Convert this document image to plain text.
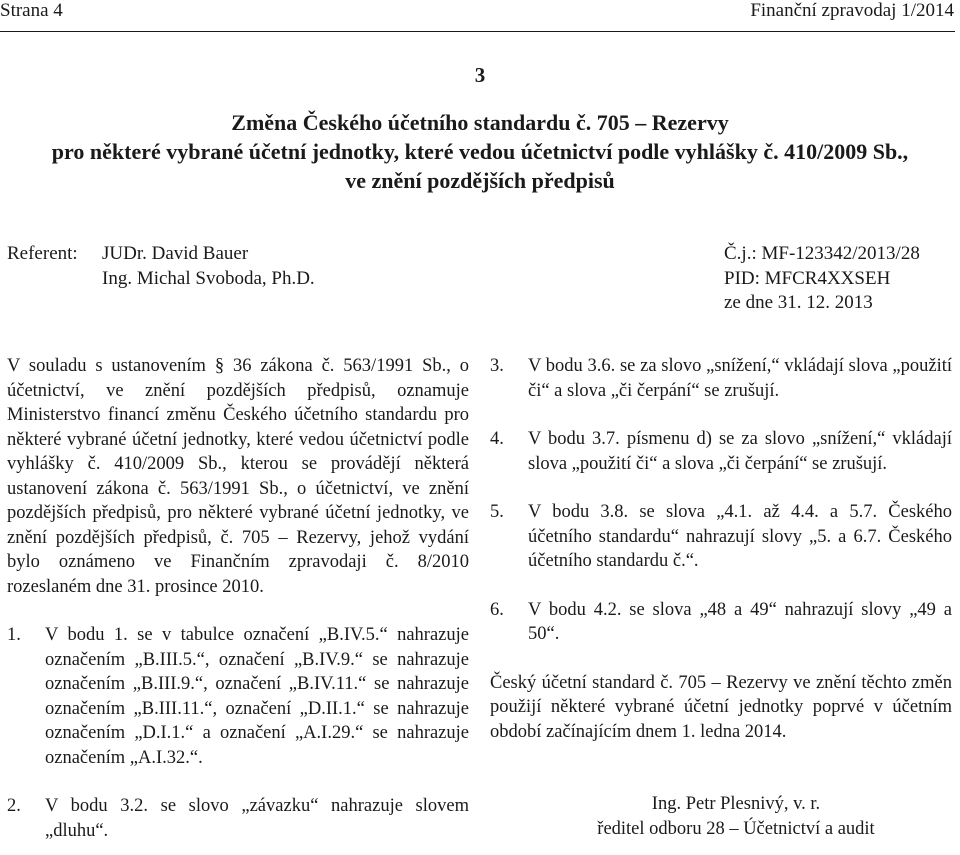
Strana 4	Finanční zpravodaj 1/2014
3
Změna Českého účetního standardu č. 705 – Rezervy
pro některé vybrané účetní jednotky, které vedou účetnictví podle vyhlášky č. 410/2009 Sb.,
ve znění pozdějších předpisů
Referent: JUDr. David Bauer
Ing. Michal Svoboda, Ph.D.
Č.j.: MF-123342/2013/28
PID: MFCR4XXSEH
ze dne 31. 12. 2013
V souladu s ustanovením § 36 zákona č. 563/1991 Sb., o účetnictví, ve znění pozdějších předpisů, oznamuje Ministerstvo financí změnu Českého účetního standardu pro některé vybrané účetní jednotky, které vedou účetnictví podle vyhlášky č. 410/2009 Sb., kterou se provádějí některá ustanovení zákona č. 563/1991 Sb., o účetnictví, ve znění pozdějších předpisů, pro některé vybrané účetní jednotky, ve znění pozdějších předpisů, č. 705 – Rezervy, jehož vydání bylo oznámeno ve Finančním zpravodaji č. 8/2010 rozeslaném dne 31. prosince 2010.
1. V bodu 1. se v tabulce označení „B.IV.5.“ nahrazuje označením „B.III.5.“, označení „B.IV.9.“ se nahrazuje označením „B.III.9.“, označení „B.IV.11.“ se nahrazuje označením „B.III.11.“, označení „D.II.1.“ se nahrazuje označením „D.I.1.“ a označení „A.I.29.“ se nahrazuje označením „A.I.32.“.
2. V bodu 3.2. se slovo „závazku“ nahrazuje slovem „dluhu“.
3. V bodu 3.6. se za slovo „snížení,“ vkládají slova „použití či“ a slova „či čerpání“ se zrušují.
4. V bodu 3.7. písmenu d) se za slovo „snížení,“ vkládají slova „použití či“ a slova „či čerpání“ se zrušují.
5. V bodu 3.8. se slova „4.1. až 4.4. a 5.7. Českého účetního standardu“ nahrazují slovy „5. a 6.7. Českého účetního standardu č.“.
6. V bodu 4.2. se slova „48 a 49“ nahrazují slovy „49 a 50“.
Český účetní standard č. 705 – Rezervy ve znění těchto změn použijí některé vybrané účetní jednotky poprvé v účetním období začínajícím dnem 1. ledna 2014.
Ing. Petr Plesnivý, v. r.
ředitel odboru 28 – Účetnictví a audit
